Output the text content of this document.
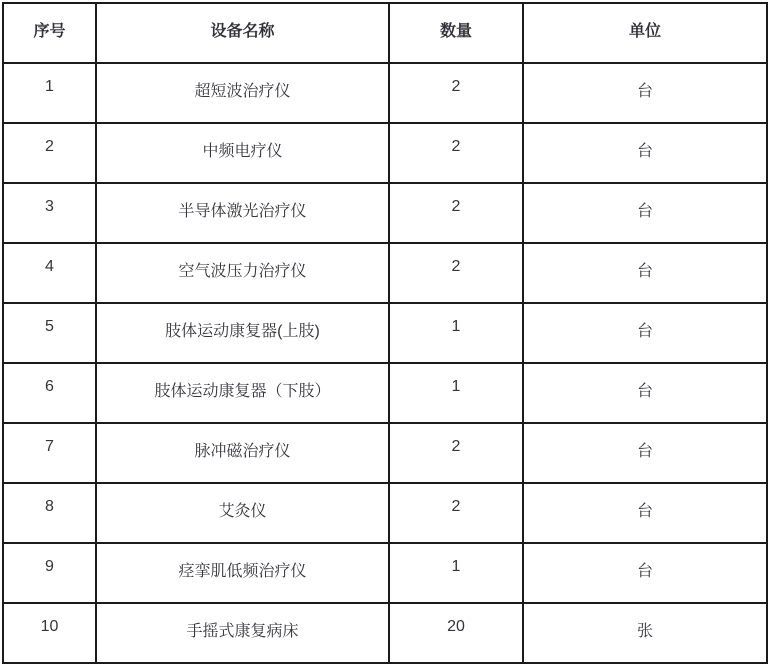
序号	设备名称	数量	单位
1	超短波治疗仪	2	台
2	中频电疗仪	2	台
3	半导体激光治疗仪	2	台
4	空气波压力治疗仪	2	台
5	肢体运动康复器(上肢)	1	台
6	肢体运动康复器（下肢）	1	台
7	脉冲磁治疗仪	2	台
8	艾灸仪	2	台
9	痉挛肌低频治疗仪	1	台
10	手摇式康复病床	20	张
